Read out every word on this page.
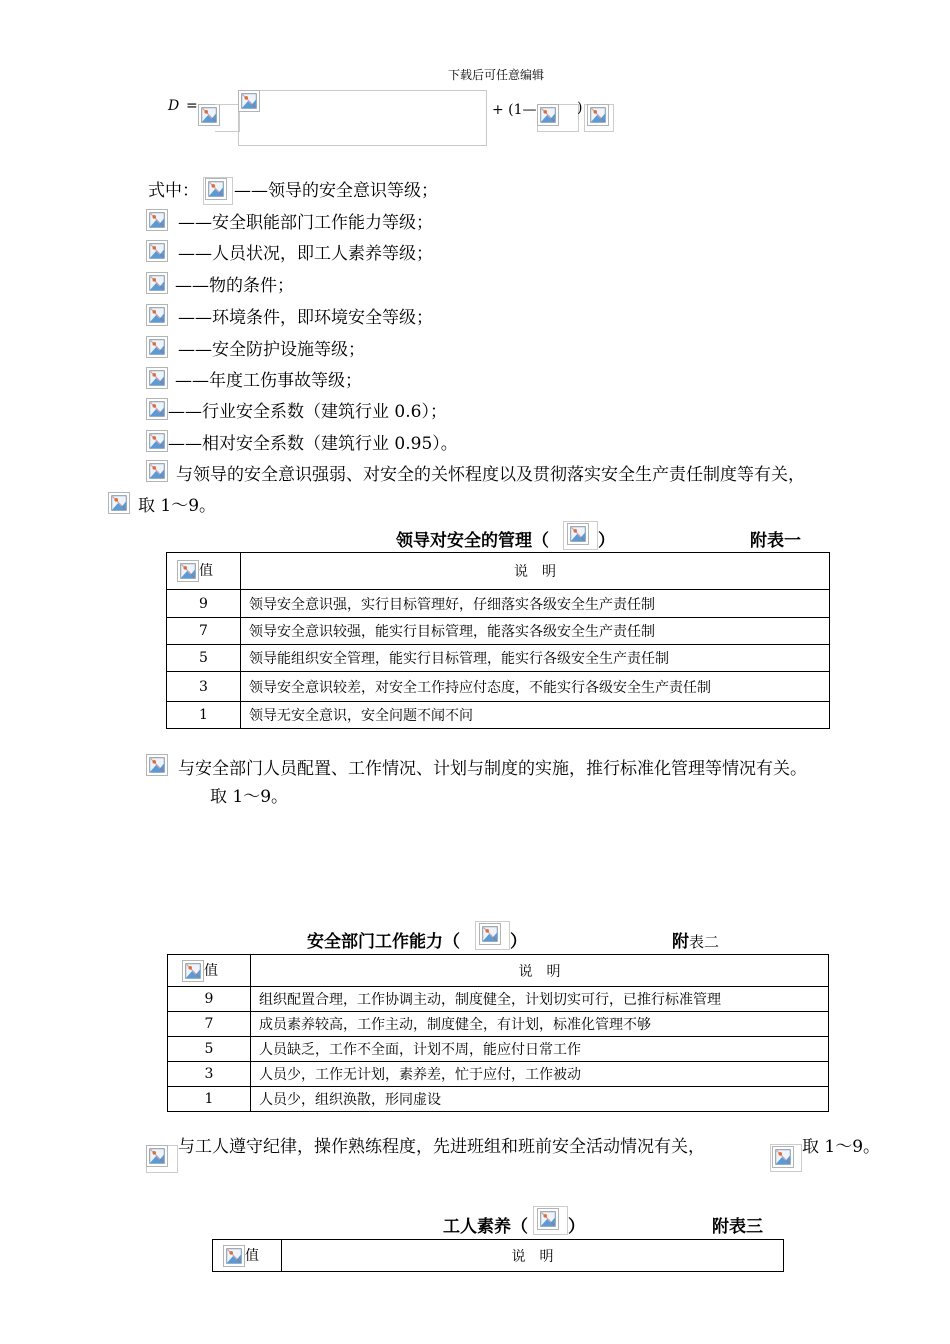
下载后可任意编辑
D =	+ (1—	)
式中： ——领导的安全意识等级；
——安全职能部门工作能力等级；
——人员状况，即工人素养等级；
——物的条件；
——环境条件，即环境安全等级；
——安全防护设施等级；
——年度工伤事故等级；
——行业安全系数（建筑行业 0.6）；
——相对安全系数（建筑行业 0.95）。
与领导的安全意识强弱、对安全的关怀程度以及贯彻落实安全生产责任制度等有关，
取 1～9。
领导对安全的管理（	）	附表一
值	说　明
9	领导安全意识强，实行目标管理好，仔细落实各级安全生产责任制
7	领导安全意识较强，能实行目标管理，能落实各级安全生产责任制
5	领导能组织安全管理，能实行目标管理，能实行各级安全生产责任制
3	领导安全意识较差，对安全工作持应付态度，不能实行各级安全生产责任制
1	领导无安全意识，安全问题不闻不问
与安全部门人员配置、工作情况、计划与制度的实施，推行标准化管理等情况有关。
取 1～9。
安全部门工作能力（	）	附表二
值	说　明
9	组织配置合理，工作协调主动，制度健全，计划切实可行，已推行标准管理
7	成员素养较高，工作主动，制度健全，有计划，标准化管理不够
5	人员缺乏，工作不全面，计划不周，能应付日常工作
3	人员少，工作无计划，素养差，忙于应付，工作被动
1	人员少，组织涣散，形同虚设
与工人遵守纪律，操作熟练程度，先进班组和班前安全活动情况有关，	取 1～9。
工人素养（ ）	附表三
值	说　明
